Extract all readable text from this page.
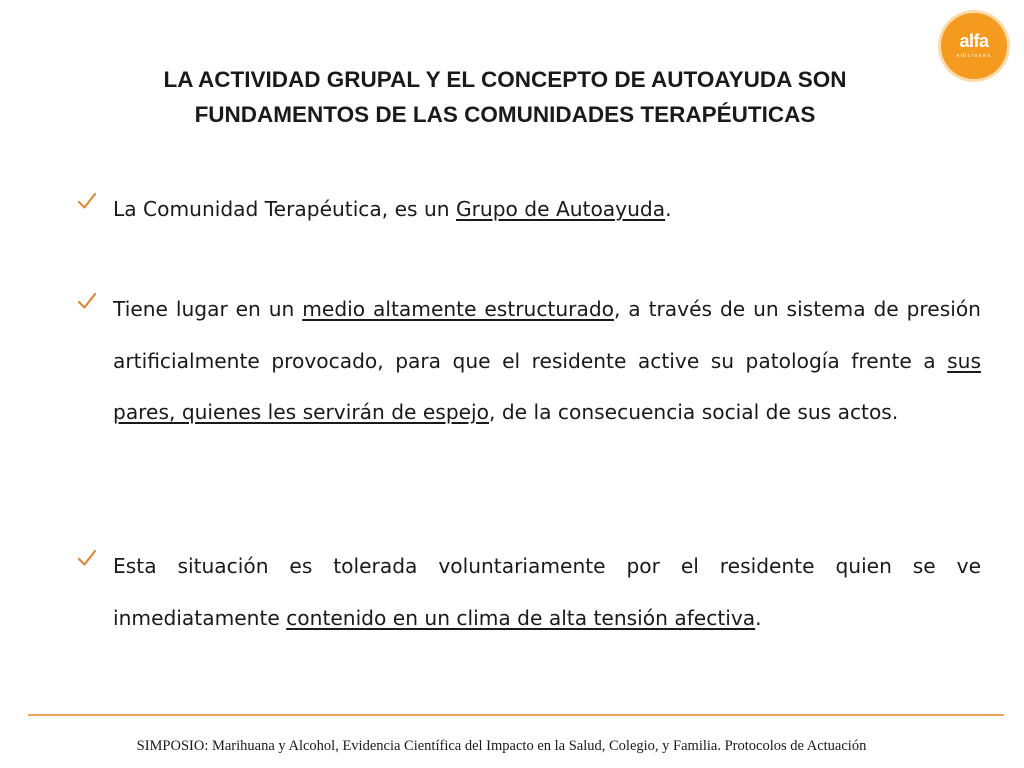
alfa
ediciones
LA ACTIVIDAD GRUPAL Y EL CONCEPTO DE AUTOAYUDA SON
FUNDAMENTOS DE LAS COMUNIDADES TERAPÉUTICAS
La Comunidad Terapéutica, es un Grupo de Autoayuda.
Tiene lugar en un medio altamente estructurado, a través de un sistema de presión artificialmente provocado, para que el residente active su patología frente a sus pares, quienes les servirán de espejo, de la consecuencia social de sus actos.
Esta situación es tolerada voluntariamente por el residente quien se ve inmediatamente contenido en un clima de alta tensión afectiva.
SIMPOSIO: Marihuana y Alcohol, Evidencia Científica del Impacto en la Salud, Colegio, y Familia. Protocolos de Actuación
